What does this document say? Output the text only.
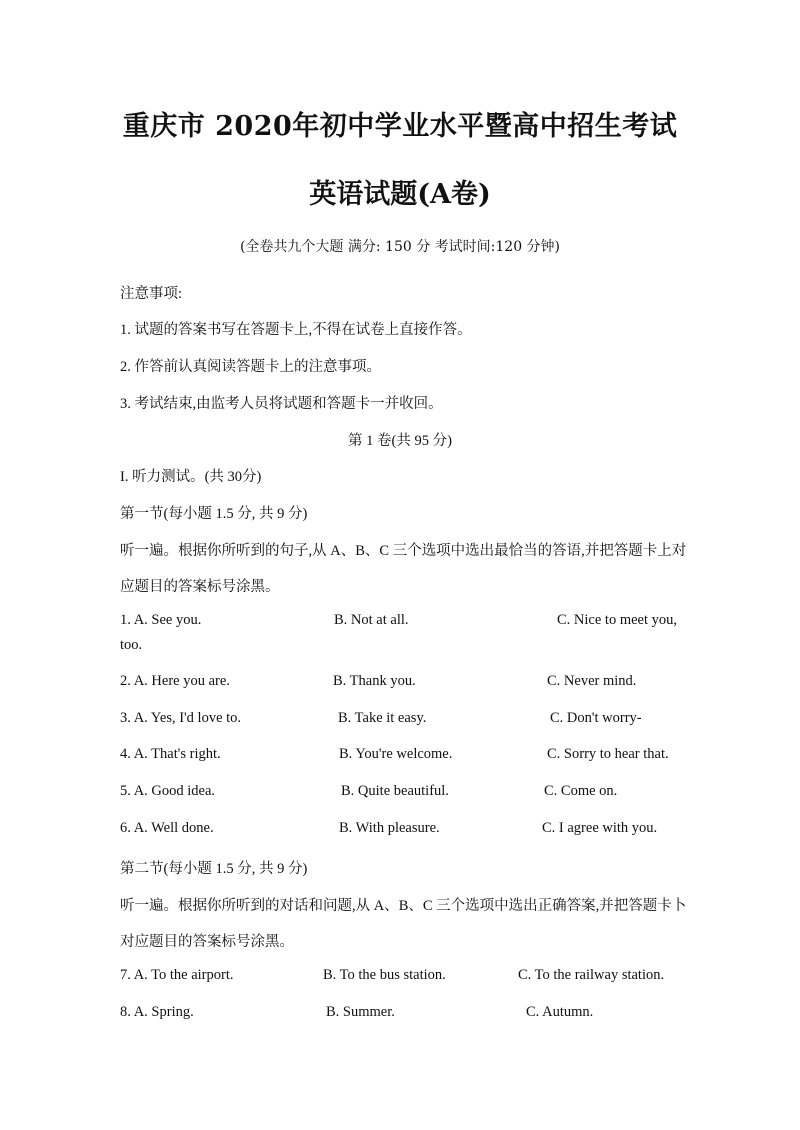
重庆市 2020年初中学业水平暨高中招生考试
英语试题(A卷)
(全卷共九个大题 满分: 150 分 考试时间:120 分钟)
注意事项:
1. 试题的答案书写在答题卡上,不得在试卷上直接作答。
2. 作答前认真阅读答题卡上的注意事项。
3. 考试结束,由监考人员将试题和答题卡一并收回。
第 1 卷(共 95 分)
I. 听力测试。(共 30分)
第一节(每小题 1.5 分, 共 9 分)
听一遍。根据你所听到的句子,从 A、B、C 三个选项中选出最恰当的答语,并把答题卡上对
应题目的答案标号涂黑。
1. A. See you.	B. Not at all.	C. Nice to meet you,
too.
2. A. Here you are.	B. Thank you.	C. Never mind.
3. A. Yes, I'd love to.	B. Take it easy.	C. Don't worry-
4. A. That's right.	B. You're welcome.	C. Sorry to hear that.
5. A. Good idea.	B. Quite beautiful.	C. Come on.
6. A. Well done.	B. With pleasure.	C. I agree with you.
第二节(每小题 1.5 分, 共 9 分)
听一遍。根据你所听到的对话和问题,从 A、B、C 三个选项中选出正确答案,并把答题卡卜
对应题目的答案标号涂黑。
7. A. To the airport.	B. To the bus station.	C. To the railway station.
8. A. Spring.	B. Summer.	C. Autumn.
